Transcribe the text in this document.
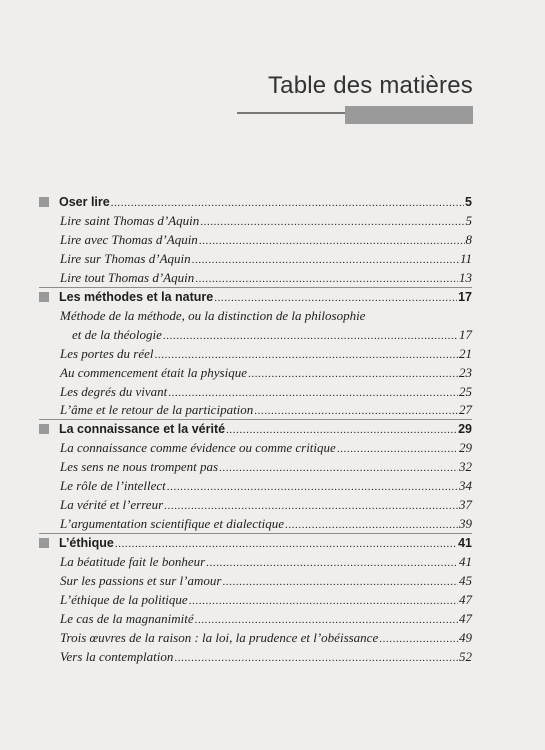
Table des matières
Oser lire .....	5
Lire saint Thomas d’Aquin .....	5
Lire avec Thomas d’Aquin .....	8
Lire sur Thomas d’Aquin .....	11
Lire tout Thomas d’Aquin .....	13
Les méthodes et la nature .....	17
Méthode de la méthode, ou la distinction de la philosophie
et de la théologie .....	17
Les portes du réel .....	21
Au commencement était la physique .....	23
Les degrés du vivant .....	25
L’âme et le retour de la participation .....	27
La connaissance et la vérité .....	29
La connaissance comme évidence ou comme critique .....	29
Les sens ne nous trompent pas .....	32
Le rôle de l’intellect .....	34
La vérité et l’erreur .....	37
L’argumentation scientifique et dialectique .....	39
L’éthique .....	41
La béatitude fait le bonheur .....	41
Sur les passions et sur l’amour .....	45
L’éthique de la politique .....	47
Le cas de la magnanimité .....	47
Trois œuvres de la raison : la loi, la prudence et l’obéissance .....	49
Vers la contemplation .....	52
